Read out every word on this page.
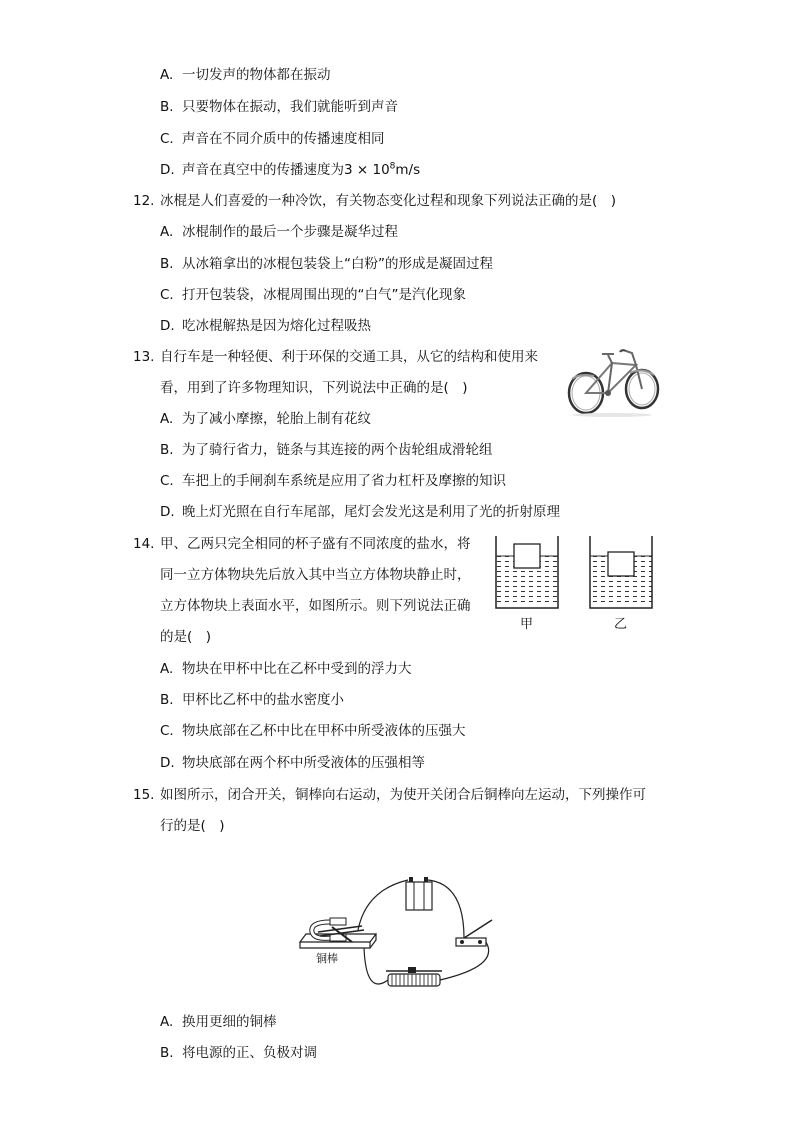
A. 一切发声的物体都在振动
B. 只要物体在振动，我们就能听到声音
C. 声音在不同介质中的传播速度相同
D. 声音在真空中的传播速度为$3 \times 10^8m/s$
12. 冰棍是人们喜爱的一种冷饮，有关物态变化过程和现象下列说法正确的是(　)
A. 冰棍制作的最后一个步骤是凝华过程
B. 从冰箱拿出的冰棍包装袋上“白粉”的形成是凝固过程
C. 打开包装袋，冰棍周围出现的“白气”是汽化现象
D. 吃冰棍解热是因为熔化过程吸热
13. 自行车是一种轻便、利于环保的交通工具，从它的结构和使用来
看，用到了许多物理知识，下列说法中正确的是(　)
A. 为了减小摩擦，轮胎上制有花纹
B. 为了骑行省力，链条与其连接的两个齿轮组成滑轮组
C. 车把上的手闸刹车系统是应用了省力杠杆及摩擦的知识
D. 晚上灯光照在自行车尾部，尾灯会发光这是利用了光的折射原理
14. 甲、乙两只完全相同的杯子盛有不同浓度的盐水，将
同一立方体物块先后放入其中当立方体物块静止时，
立方体物块上表面水平，如图所示。则下列说法正确
的是(　)
甲	乙
A. 物块在甲杯中比在乙杯中受到的浮力大
B. 甲杯比乙杯中的盐水密度小
C. 物块底部在乙杯中比在甲杯中所受液体的压强大
D. 物块底部在两个杯中所受液体的压强相等
15. 如图所示，闭合开关，铜棒向右运动，为使开关闭合后铜棒向左运动，下列操作可
行的是(　)
铜棒
A. 换用更细的铜棒
B. 将电源的正、负极对调
